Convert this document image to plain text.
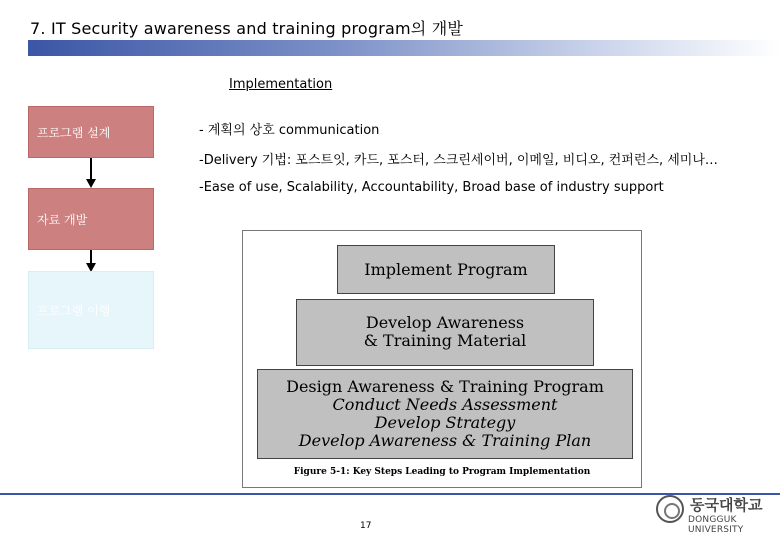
7. IT Security awareness and training program의 개발
Implementation
프로그램 설계
자료 개발
프로그램 이행

- 계획의 상호 communication

-Delivery 기법: 포스트잇, 카드, 포스터, 스크린세이버, 이메일, 비디오, 컨퍼런스, 세미나…

-Ease of use, Scalability, Accountability, Broad base of industry support

Implement Program
Develop Awareness
& Training Material
Design Awareness & Training Program
Conduct Needs Assessment
Develop Strategy
Develop Awareness & Training Plan
Figure 5-1: Key Steps Leading to Program Implementation
17
동국대학교
DONGGUK UNIVERSITY
